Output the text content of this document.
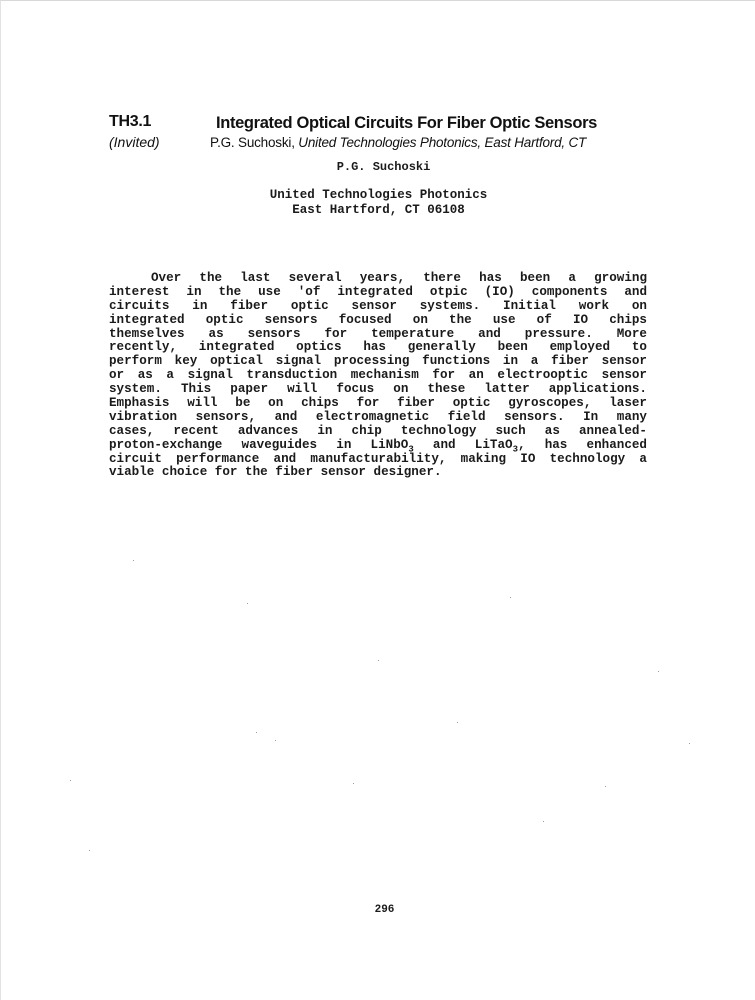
TH3.1
(Invited)
Integrated Optical Circuits For Fiber Optic Sensors
P.G. Suchoski, United Technologies Photonics, East Hartford, CT
P.G. Suchoski
United Technologies Photonics
East Hartford, CT 06108
Over the last several years, there has been a growing
interest in the use 'of integrated otpic (IO) components and
circuits in fiber optic sensor systems. Initial work on
integrated optic sensors focused on the use of IO chips
themselves as sensors for temperature and pressure. More
recently, integrated optics has generally been employed to
perform key optical signal processing functions in a fiber sensor
or as a signal transduction mechanism for an electrooptic sensor
system. This paper will focus on these latter applications.
Emphasis will be on chips for fiber optic gyroscopes, laser
vibration sensors, and electromagnetic field sensors. In many
cases, recent advances in chip technology such as annealed-
proton-exchange waveguides in LiNbO$_3$ and LiTaO$_3$, has enhanced
circuit performance and manufacturability, making IO technology a
viable choice for the fiber sensor designer.
296
